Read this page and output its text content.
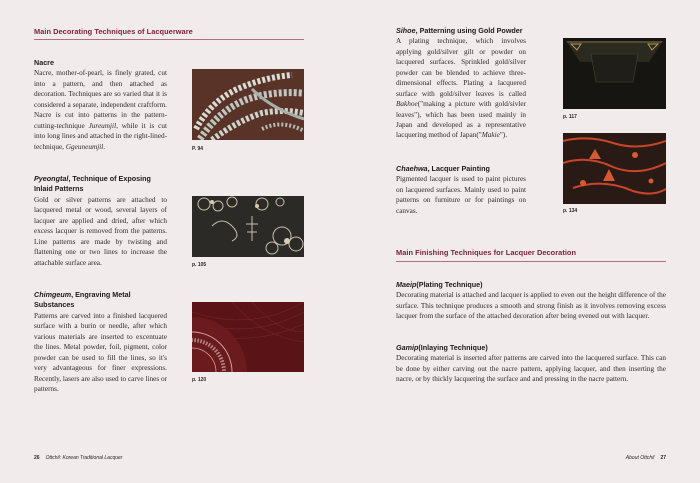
Main Decorating Techniques of Lacquerware
Nacre
Nacre, mother-of-pearl, is finely grated, cut into a pattern, and then attached as decoration. Techniques are so varied that it is considered a separate, independent craftform. Nacre is cut into patterns in the pattern-cutting-technique Jureumjil, while it is cut into long lines and attached in the right-lined-technique, Ggeuneumjil.	P. 94
Pyeongtal, Technique of Exposing Inlaid Patterns
Gold or silver patterns are attached to lacquered metal or wood, several layers of lacquer are applied and dried, after which excess lacquer is removed from the patterns. Line patterns are made by twisting and flattening one or two lines to increase the attachable surface area.	p. 105
Chimgeum, Engraving Metal Substances
Patterns are carved into a finished lacquered surface with a burin or needle, after which various materials are inserted to excentuate the lines. Metal powder, foil, pigment, color powder can be used to fill the lines, so it's very advantageous for finer expressions. Recently, lasers are also used to carve lines or patterns.
p. 120
26 Ottchil: Korean Traditional Lacquer
Sihoe, Patterning using Gold Powder
A plating technique, which involves applying gold/silver gilt or powder on lacquered surfaces. Sprinkled gold/silver powder can be blended to achieve three-dimensional effects. Plating a lacquered surface with gold/silver leaves is called Bakhoe("making a picture with gold/sivler leaves"), which has been used mainly in Japan and developed as a representative lacquering method of Japan("Makie").
p. 117
p. 134
Chaehwa, Lacquer Painting
Pigmented lacquer is used to paint pictures on lacquered surfaces. Mainly used to paint patterns on furniture or for paintings on canvas.
Main Finishing Techniques for Lacquer Decoration
Maeip(Plating Technique)
Decorating material is attached and lacquer is applied to even out the height difference of the surface. This technique produces a smooth and strong finish as it involves removing excess lacquer from the surface of the attached decoration after being evened out with lacquer.
Gamip(Inlaying Technique)
Decorating material is inserted after patterns are carved into the lacquered surface. This can be done by either carving out the nacre pattern, applying lacquer, and then inserting the nacre, or by thickly lacquering the surface and and pressing in the nacre pattern.
About Ottchil 27
